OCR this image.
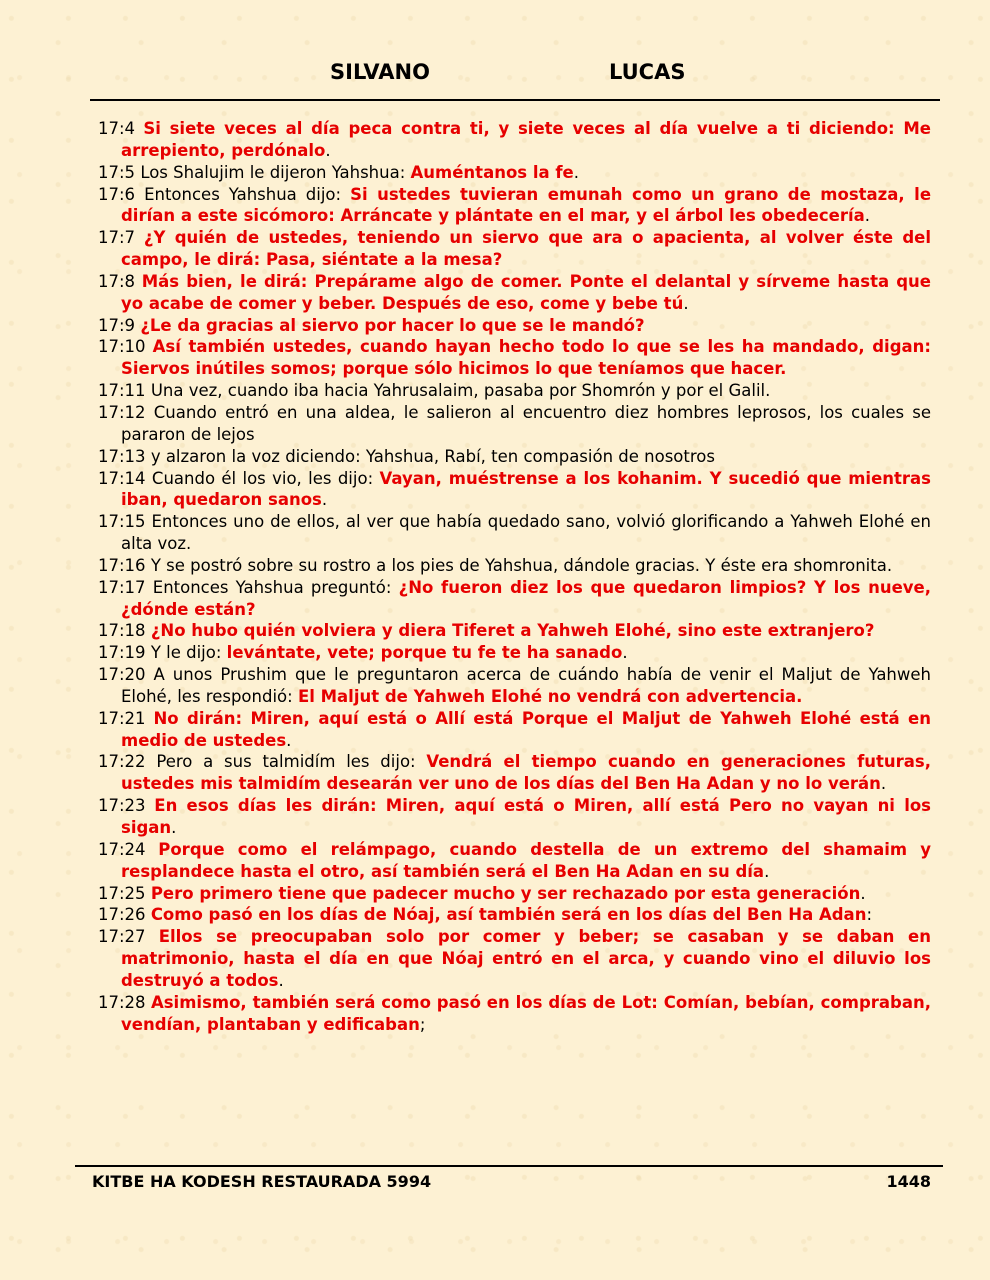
SILVANO	LUCAS
17:4 Si siete veces al día peca contra ti, y siete veces al día vuelve a ti diciendo: Me arrepiento, perdónalo.
17:5 Los Shalujim le dijeron Yahshua: Auméntanos la fe.
17:6 Entonces Yahshua dijo: Si ustedes tuvieran emunah como un grano de mostaza, le dirían a este sicómoro: Arráncate y plántate en el mar, y el árbol les obedecería.
17:7 ¿Y quién de ustedes, teniendo un siervo que ara o apacienta, al volver éste del campo, le dirá: Pasa, siéntate a la mesa?
17:8 Más bien, le dirá: Prepárame algo de comer. Ponte el delantal y sírveme hasta que yo acabe de comer y beber. Después de eso, come y bebe tú.
17:9 ¿Le da gracias al siervo por hacer lo que se le mandó?
17:10 Así también ustedes, cuando hayan hecho todo lo que se les ha mandado, digan: Siervos inútiles somos; porque sólo hicimos lo que teníamos que hacer.
17:11 Una vez, cuando iba hacia Yahrusalaim, pasaba por Shomrón y por el Galil.
17:12 Cuando entró en una aldea, le salieron al encuentro diez hombres leprosos, los cuales se pararon de lejos
17:13 y alzaron la voz diciendo: Yahshua, Rabí, ten compasión de nosotros
17:14 Cuando él los vio, les dijo: Vayan, muéstrense a los kohanim. Y sucedió que mientras iban, quedaron sanos.
17:15 Entonces uno de ellos, al ver que había quedado sano, volvió glorificando a Yahweh Elohé en alta voz.
17:16 Y se postró sobre su rostro a los pies de Yahshua, dándole gracias. Y éste era shomronita.
17:17 Entonces Yahshua preguntó: ¿No fueron diez los que quedaron limpios? Y los nueve, ¿dónde están?
17:18 ¿No hubo quién volviera y diera Tiferet a Yahweh Elohé, sino este extranjero?
17:19 Y le dijo: levántate, vete; porque tu fe te ha sanado.
17:20 A unos Prushim que le preguntaron acerca de cuándo había de venir el Maljut de Yahweh Elohé, les respondió: El Maljut de Yahweh Elohé no vendrá con advertencia.
17:21 No dirán: Miren, aquí está o Allí está Porque el Maljut de Yahweh Elohé está en medio de ustedes.
17:22 Pero a sus talmidím les dijo: Vendrá el tiempo cuando en generaciones futuras, ustedes mis talmidím desearán ver uno de los días del Ben Ha Adan y no lo verán.
17:23 En esos días les dirán: Miren, aquí está o Miren, allí está Pero no vayan ni los sigan.
17:24 Porque como el relámpago, cuando destella de un extremo del shamaim y resplandece hasta el otro, así también será el Ben Ha Adan en su día.
17:25 Pero primero tiene que padecer mucho y ser rechazado por esta generación.
17:26 Como pasó en los días de Nóaj, así también será en los días del Ben Ha Adan:
17:27 Ellos se preocupaban solo por comer y beber; se casaban y se daban en matrimonio, hasta el día en que Nóaj entró en el arca, y cuando vino el diluvio los destruyó a todos.
17:28 Asimismo, también será como pasó en los días de Lot: Comían, bebían, compraban, vendían, plantaban y edificaban;
KITBE HA KODESH RESTAURADA 5994	1448
